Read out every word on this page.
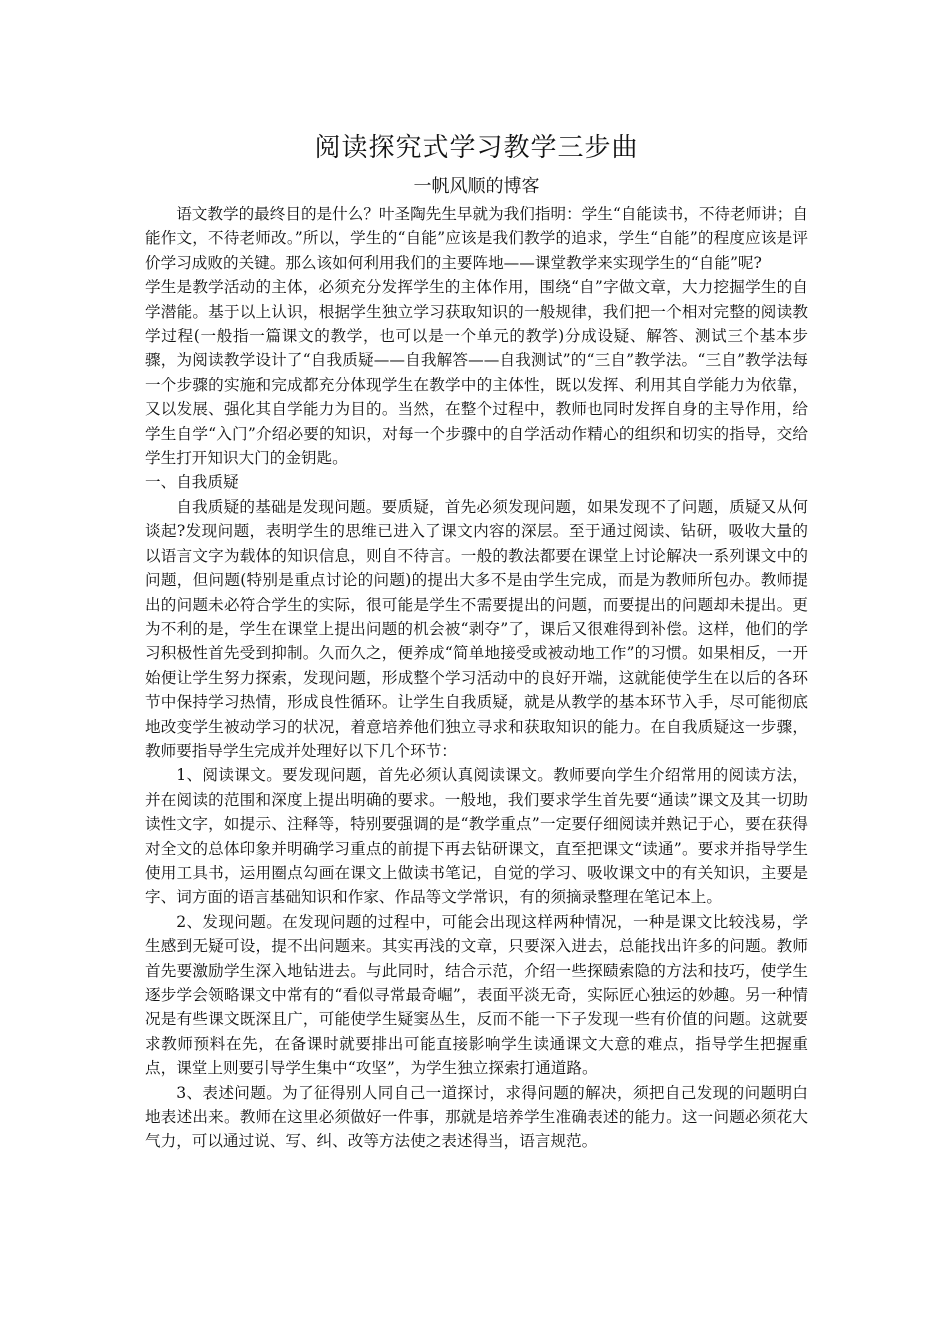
阅读探究式学习教学三步曲
一帆风顺的博客

语文教学的最终目的是什么？叶圣陶先生早就为我们指明：学生“自能读书，不待老师讲；自能作文，不待老师改。”所以，学生的“自能”应该是我们教学的追求，学生“自能”的程度应该是评价学习成败的关键。那么该如何利用我们的主要阵地——课堂教学来实现学生的“自能”呢?

学生是教学活动的主体，必须充分发挥学生的主体作用，围绕“自”字做文章，大力挖掘学生的自学潜能。基于以上认识，根据学生独立学习获取知识的一般规律，我们把一个相对完整的阅读教学过程(一般指一篇课文的教学，也可以是一个单元的教学)分成设疑、解答、测试三个基本步骤，为阅读教学设计了“自我质疑——自我解答——自我测试”的“三自”教学法。“三自”教学法每一个步骤的实施和完成都充分体现学生在教学中的主体性，既以发挥、利用其自学能力为依靠，又以发展、强化其自学能力为目的。当然，在整个过程中，教师也同时发挥自身的主导作用，给学生自学“入门”介绍必要的知识，对每一个步骤中的自学活动作精心的组织和切实的指导，交给学生打开知识大门的金钥匙。

一、自我质疑

自我质疑的基础是发现问题。要质疑，首先必须发现问题，如果发现不了问题，质疑又从何谈起?发现问题，表明学生的思维已进入了课文内容的深层。至于通过阅读、钻研，吸收大量的以语言文字为载体的知识信息，则自不待言。一般的教法都要在课堂上讨论解决一系列课文中的问题，但问题(特别是重点讨论的问题)的提出大多不是由学生完成，而是为教师所包办。教师提出的问题未必符合学生的实际，很可能是学生不需要提出的问题，而要提出的问题却未提出。更为不利的是，学生在课堂上提出问题的机会被“剥夺”了，课后又很难得到补偿。这样，他们的学习积极性首先受到抑制。久而久之，便养成“简单地接受或被动地工作”的习惯。如果相反，一开始便让学生努力探索，发现问题，形成整个学习活动中的良好开端，这就能使学生在以后的各环节中保持学习热情，形成良性循环。让学生自我质疑，就是从教学的基本环节入手，尽可能彻底地改变学生被动学习的状况，着意培养他们独立寻求和获取知识的能力。在自我质疑这一步骤，教师要指导学生完成并处理好以下几个环节：

1、阅读课文。要发现问题，首先必须认真阅读课文。教师要向学生介绍常用的阅读方法，并在阅读的范围和深度上提出明确的要求。一般地，我们要求学生首先要“通读”课文及其一切助读性文字，如提示、注释等，特别要强调的是“教学重点”一定要仔细阅读并熟记于心，要在获得对全文的总体印象并明确学习重点的前提下再去钻研课文，直至把课文“读通”。要求并指导学生使用工具书，运用圈点勾画在课文上做读书笔记，自觉的学习、吸收课文中的有关知识，主要是字、词方面的语言基础知识和作家、作品等文学常识，有的须摘录整理在笔记本上。

2、发现问题。在发现问题的过程中，可能会出现这样两种情况，一种是课文比较浅易，学生感到无疑可设，提不出问题来。其实再浅的文章，只要深入进去，总能找出许多的问题。教师首先要激励学生深入地钻进去。与此同时，结合示范，介绍一些探赜索隐的方法和技巧，使学生逐步学会领略课文中常有的“看似寻常最奇崛”，表面平淡无奇，实际匠心独运的妙趣。另一种情况是有些课文既深且广，可能使学生疑窦丛生，反而不能一下子发现一些有价值的问题。这就要求教师预料在先，在备课时就要排出可能直接影响学生读通课文大意的难点，指导学生把握重点，课堂上则要引导学生集中“攻坚”，为学生独立探索打通道路。

3、表述问题。为了征得别人同自己一道探讨，求得问题的解决，须把自己发现的问题明白地表述出来。教师在这里必须做好一件事，那就是培养学生准确表述的能力。这一问题必须花大气力，可以通过说、写、纠、改等方法使之表述得当，语言规范。
